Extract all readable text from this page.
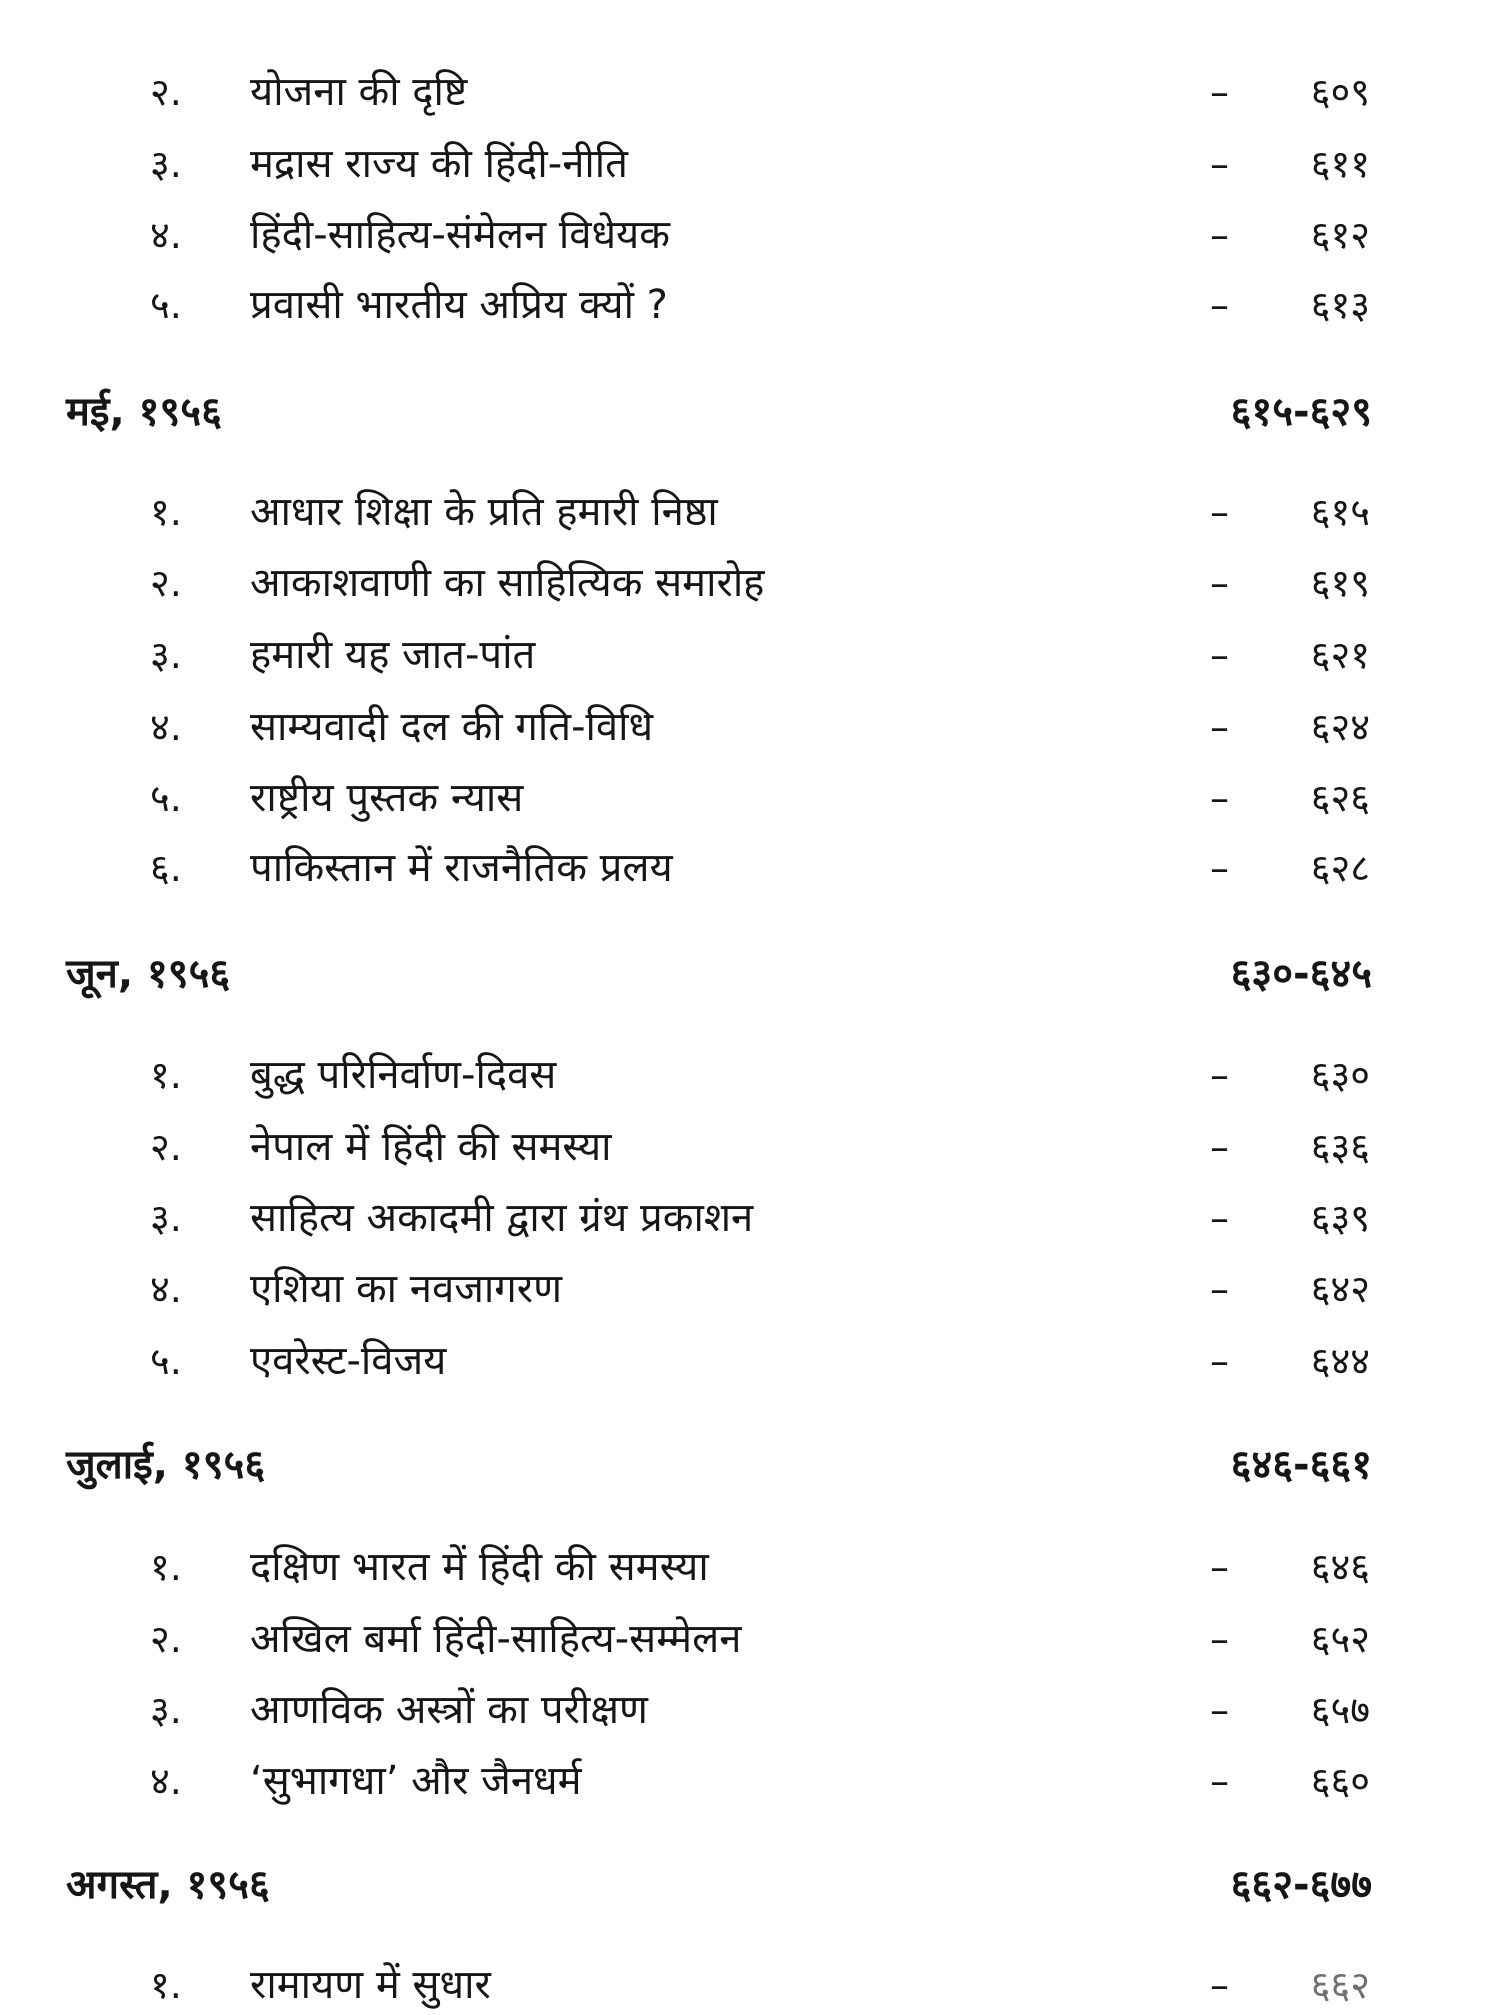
२. योजना की दृष्टि	– ६०९
३. मद्रास राज्य की हिंदी-नीति	– ६११
४. हिंदी-साहित्य-संमेलन विधेयक	– ६१२
५. प्रवासी भारतीय अप्रिय क्यों ?	– ६१३
मई, १९५६	६१५-६२९
१. आधार शिक्षा के प्रति हमारी निष्ठा	– ६१५
२. आकाशवाणी का साहित्यिक समारोह	– ६१९
३. हमारी यह जात-पांत	– ६२१
४. साम्यवादी दल की गति-विधि	– ६२४
५. राष्ट्रीय पुस्तक न्यास	– ६२६
६. पाकिस्तान में राजनैतिक प्रलय	– ६२८
जून, १९५६	६३०-६४५
१. बुद्ध परिनिर्वाण-दिवस	– ६३०
२. नेपाल में हिंदी की समस्या	– ६३६
३. साहित्य अकादमी द्वारा ग्रंथ प्रकाशन	– ६३९
४. एशिया का नवजागरण	– ६४२
५. एवरेस्ट-विजय	– ६४४
जुलाई, १९५६	६४६-६६१
१. दक्षिण भारत में हिंदी की समस्या	– ६४६
२. अखिल बर्मा हिंदी-साहित्य-सम्मेलन	– ६५२
३. आणविक अस्त्रों का परीक्षण	– ६५७
४. ‘सुभागधा’ और जैनधर्म	– ६६०
अगस्त, १९५६	६६२-६७७
१. रामायण में सुधार	– ६६२
